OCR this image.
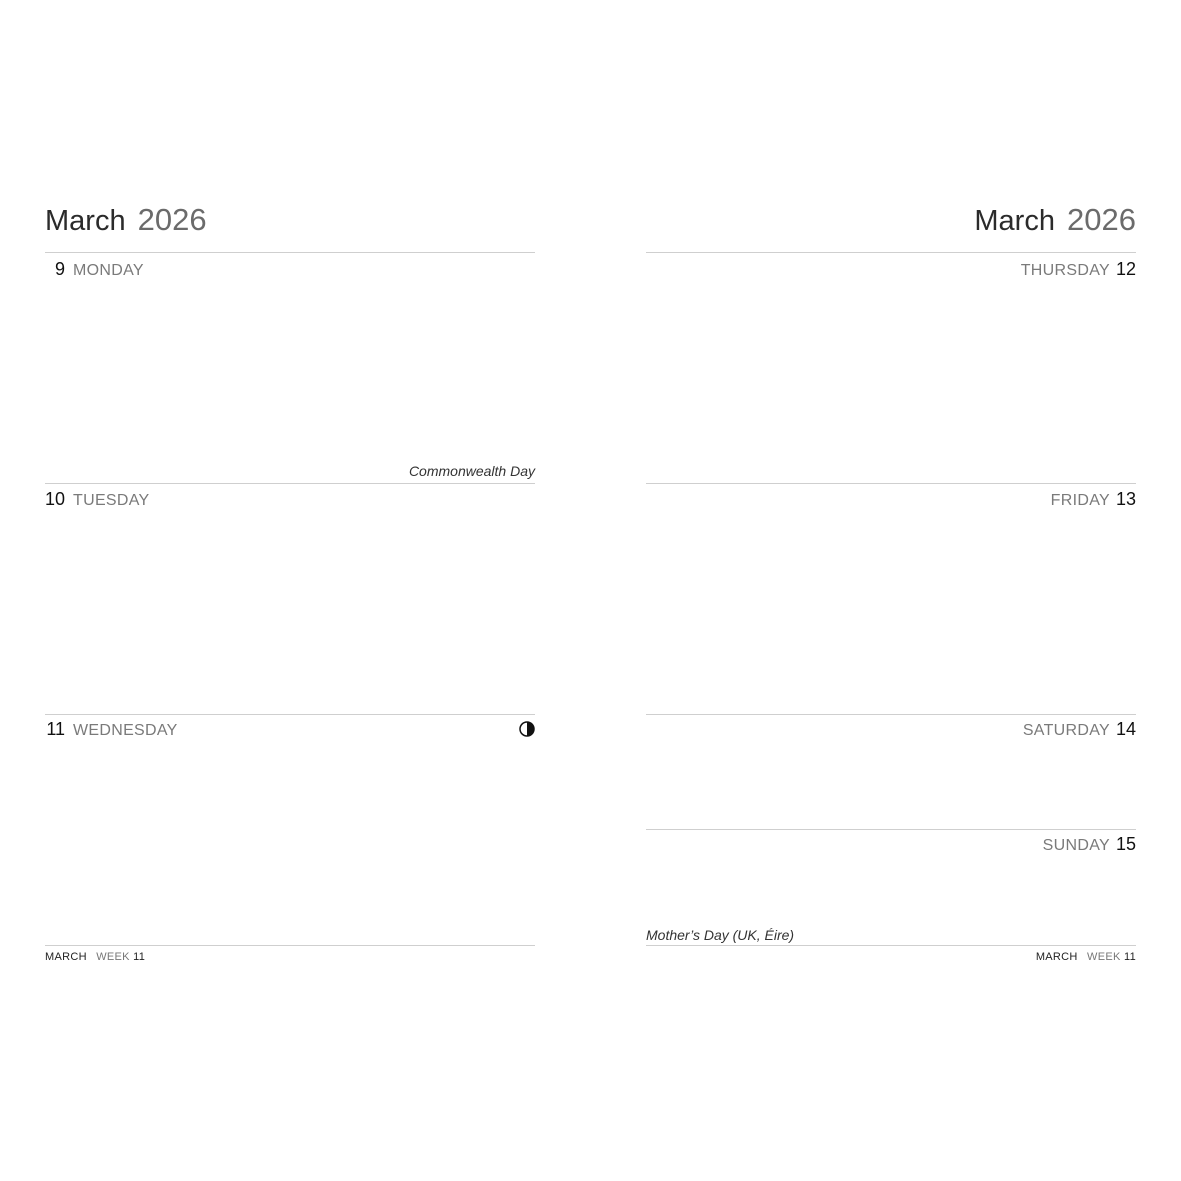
March 2026
9 MONDAY
Commonwealth Day
10 TUESDAY
11 WEDNESDAY
MARCH WEEK 11
March 2026
THURSDAY 12
FRIDAY 13
SATURDAY 14
SUNDAY 15
Mother’s Day (UK, Éire)
MARCH WEEK 11
